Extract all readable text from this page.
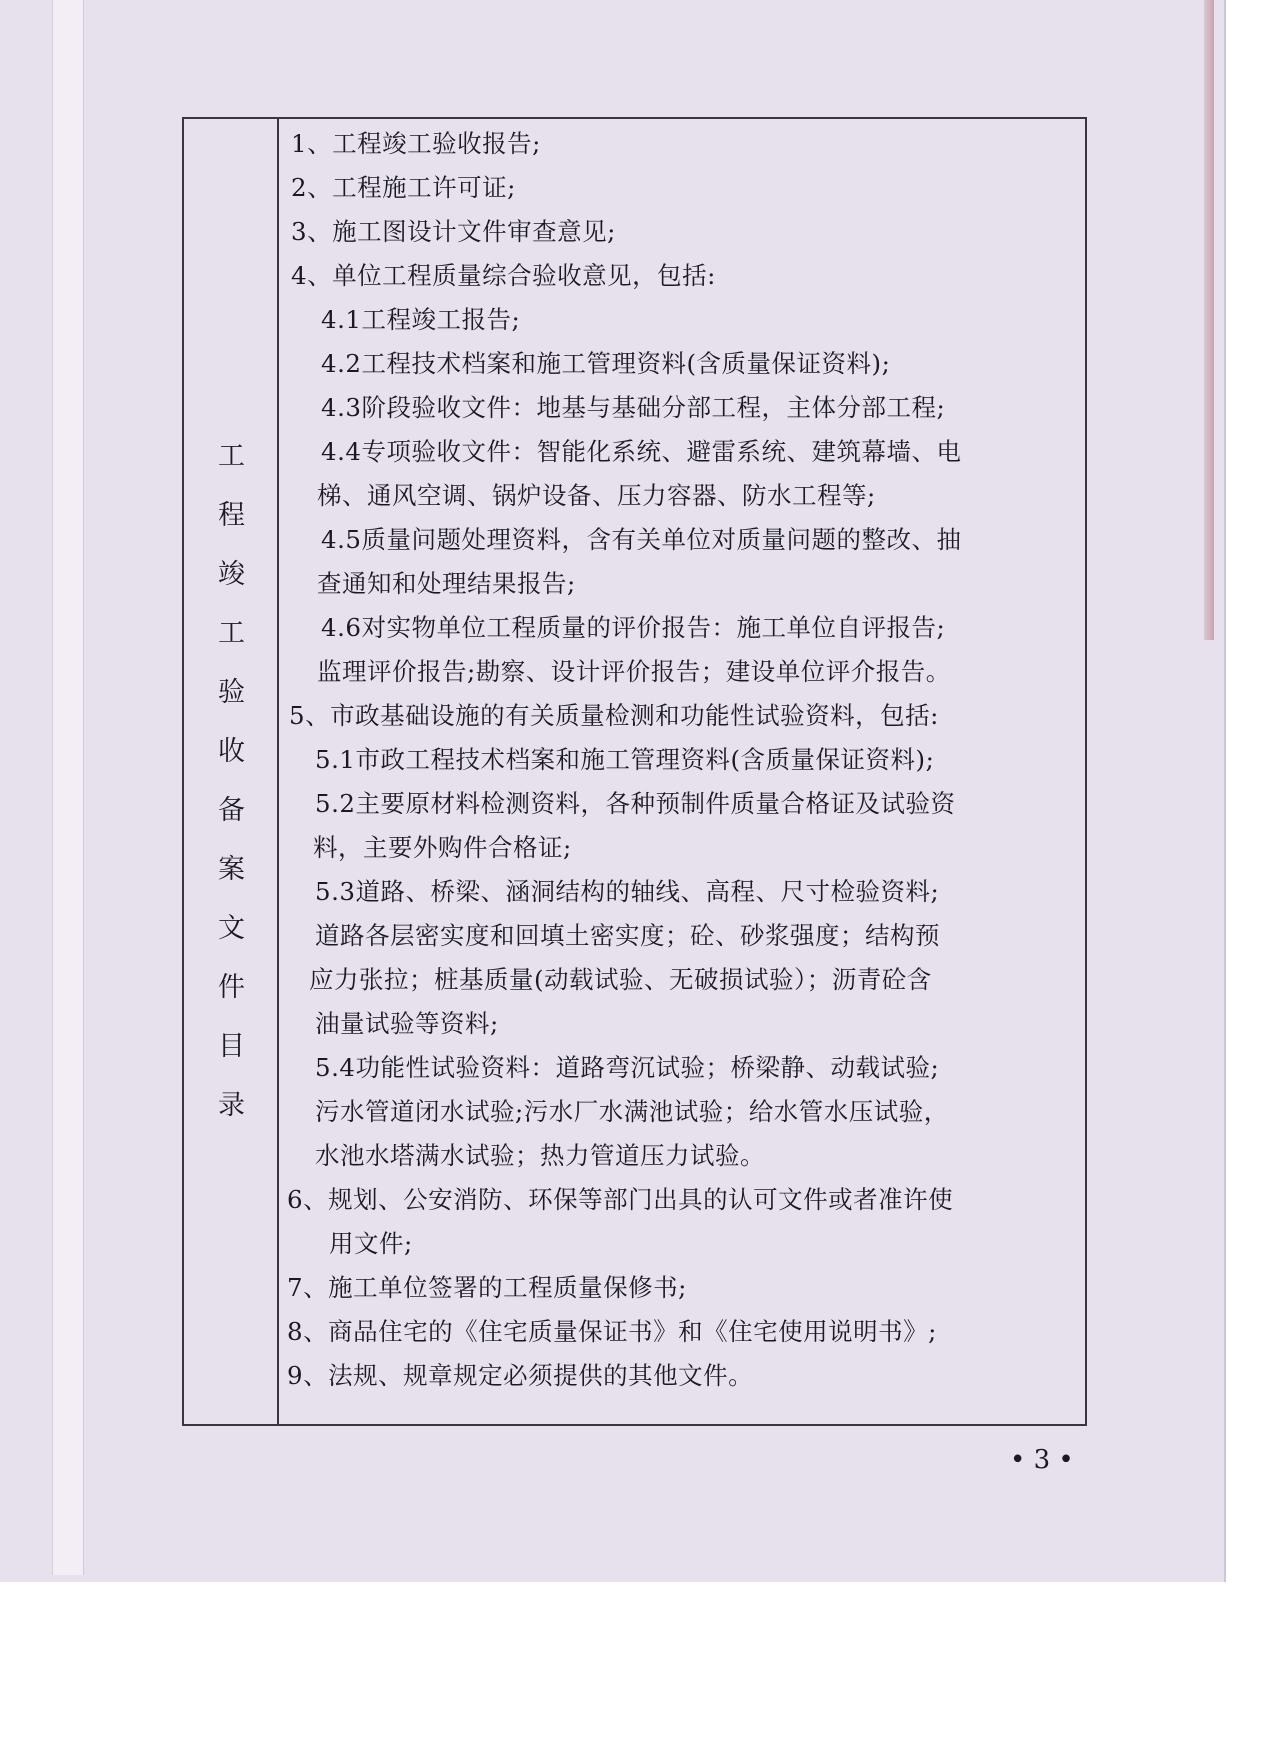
工
程
竣
工
验
收
备
案
文
件
目
录
1、工程竣工验收报告;
2、工程施工许可证;
3、施工图设计文件审查意见;
4、单位工程质量综合验收意见，包括:
4.1工程竣工报告;
4.2工程技术档案和施工管理资料(含质量保证资料);
4.3阶段验收文件：地基与基础分部工程，主体分部工程;
4.4专项验收文件：智能化系统、避雷系统、建筑幕墙、电
梯、通风空调、锅炉设备、压力容器、防水工程等;
4.5质量问题处理资料，含有关单位对质量问题的整改、抽
查通知和处理结果报告;
4.6对实物单位工程质量的评价报告：施工单位自评报告;
监理评价报告;勘察、设计评价报告；建设单位评介报告。
5、市政基础设施的有关质量检测和功能性试验资料，包括:
5.1市政工程技术档案和施工管理资料(含质量保证资料);
5.2主要原材料检测资料，各种预制件质量合格证及试验资
料，主要外购件合格证;
5.3道路、桥梁、涵洞结构的轴线、高程、尺寸检验资料;
道路各层密实度和回填土密实度；砼、砂浆强度；结构预
应力张拉；桩基质量(动载试验、无破损试验）；沥青砼含
油量试验等资料;
5.4功能性试验资料：道路弯沉试验；桥梁静、动载试验;
污水管道闭水试验;污水厂水满池试验；给水管水压试验，
水池水塔满水试验；热力管道压力试验。
6、规划、公安消防、环保等部门出具的认可文件或者准许使
用文件;
7、施工单位签署的工程质量保修书;
8、商品住宅的《住宅质量保证书》和《住宅使用说明书》;
9、法规、规章规定必须提供的其他文件。
• 3 •
